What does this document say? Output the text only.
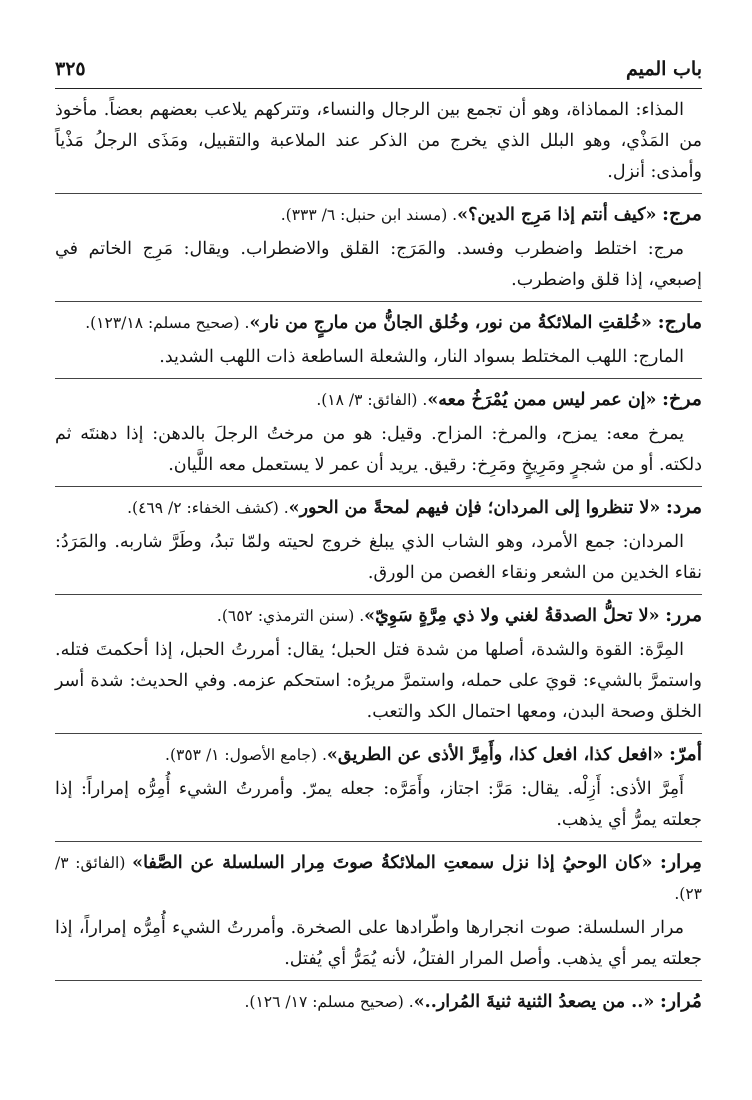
باب الميم
٣٢٥

المذاء: المماذاة، وهو أن تجمع بين الرجال والنساء، وتتركهم يلاعب بعضهم بعضاً. مأخوذ من المَذْي، وهو البلل الذي يخرج من الذكر عند الملاعبة والتقبيل، ومَذَى الرجلُ مَذْياً وأمذى: أنزل.

مرج: «كيف أنتم إذا مَرِج الدين؟». (مسند ابن حنبل: ٦/ ٣٣٣).

مرج: اختلط واضطرب وفسد. والمَرَج: القلق والاضطراب. ويقال: مَرِج الخاتم في إصبعي، إذا قلق واضطرب.

مارج: «خُلقتِ الملائكةُ من نور، وخُلق الجانُّ من مارجٍ من نار». (صحيح مسلم: ١٢٣/١٨).

المارج: اللهب المختلط بسواد النار، والشعلة الساطعة ذات اللهب الشديد.

مرخ: «إن عمر ليس ممن يُمْرَخُ معه». (الفائق: ٣/ ١٨).

يمرخ معه: يمزح، والمرخ: المزاح. وقيل: هو من مرختُ الرجلَ بالدهن: إذا دهنتَه ثم دلكته. أو من شجرٍ ومَرِيخٍ ومَرِخ: رقيق. يريد أن عمر لا يستعمل معه اللَّيان.

مرد: «لا تنظروا إلى المردان؛ فإن فيهم لمحةً من الحور». (كشف الخفاء: ٢/ ٤٦٩).

المردان: جمع الأمرد، وهو الشاب الذي يبلغ خروج لحيته ولمّا تبدُ، وطَرَّ شاربه. والمَرَدُ: نقاء الخدين من الشعر ونقاء الغصن من الورق.

مرر: «لا تحلُّ الصدقةُ لغني ولا ذي مِرَّةٍ سَوِيّ». (سنن الترمذي: ٦٥٢).

المِرَّة: القوة والشدة، أصلها من شدة فتل الحبل؛ يقال: أمررتُ الحبل، إذا أحكمتَ فتله. واستمرَّ بالشيء: قويَ على حمله، واستمرَّ مريرُه: استحكم عزمه. وفي الحديث: شدة أسر الخلق وصحة البدن، ومعها احتمال الكد والتعب.

أمرّ: «افعل كذا، افعل كذا، وأَمِرَّ الأذى عن الطريق». (جامع الأصول: ١/ ٣٥٣).

أَمِرَّ الأذى: أَزِلْه. يقال: مَرَّ: اجتاز، وأَمَرَّه: جعله يمرّ. وأمررتُ الشيء أُمِرُّه إمراراً: إذا جعلته يمرُّ أي يذهب.

مِرار: «كان الوحيُ إذا نزل سمعتِ الملائكةُ صوتَ مِرار السلسلة عن الصَّفا» (الفائق: ٣/ ٢٣).

مرار السلسلة: صوت انجرارها واطّرادها على الصخرة. وأمررتُ الشيء أُمِرُّه إمراراً، إذا جعلته يمر أي يذهب. وأصل المرار الفتلُ، لأنه يُمَرُّ أي يُفتل.

مُرار: «.. من يصعدُ الثنية ثنيةَ المُرار..». (صحيح مسلم: ١٧/ ١٢٦).
